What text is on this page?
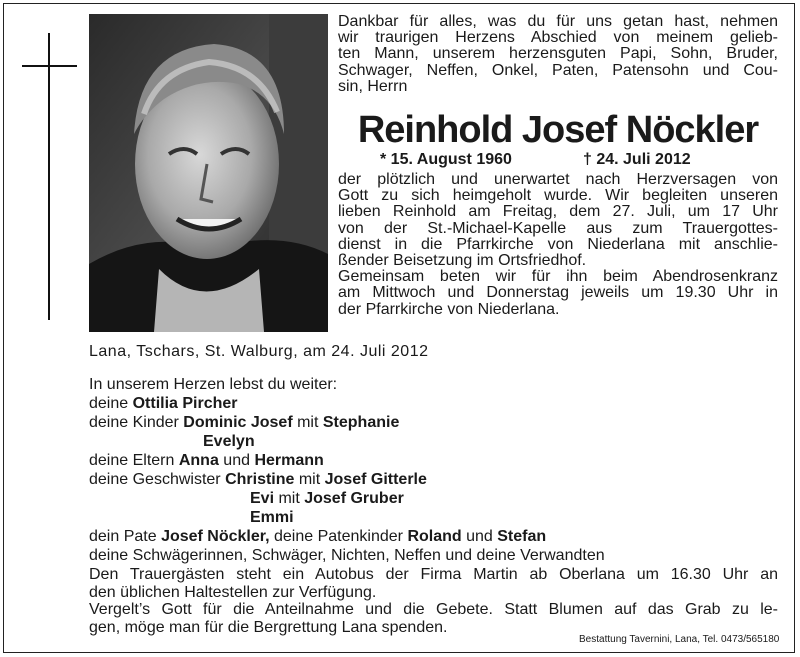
Dankbar für alles, was du für uns getan hast, nehmen
wir traurigen Herzens Abschied von meinem gelieb-
ten Mann, unserem herzensguten Papi, Sohn, Bruder,
Schwager, Neffen, Onkel, Paten, Patensohn und Cou-
sin, Herrn
Reinhold Josef Nöckler
* 15. August 1960	† 24. Juli 2012
der plötzlich und unerwartet nach Herzversagen von
Gott zu sich heimgeholt wurde. Wir begleiten unseren
lieben Reinhold am Freitag, dem 27. Juli, um 17 Uhr
von der St.-Michael-Kapelle aus zum Trauergottes-
dienst in die Pfarrkirche von Niederlana mit anschlie-
ßender Beisetzung im Ortsfriedhof.
Gemeinsam beten wir für ihn beim Abendrosenkranz
am Mittwoch und Donnerstag jeweils um 19.30 Uhr in
der Pfarrkirche von Niederlana.
Lana, Tschars, St. Walburg, am 24. Juli 2012
In unserem Herzen lebst du weiter:
deine Ottilia Pircher
deine Kinder Dominic Josef mit Stephanie
Evelyn
deine Eltern Anna und Hermann
deine Geschwister Christine mit Josef Gitterle
Evi mit Josef Gruber
Emmi
dein Pate Josef Nöckler, deine Patenkinder Roland und Stefan
deine Schwägerinnen, Schwäger, Nichten, Neffen und deine Verwandten
Den Trauergästen steht ein Autobus der Firma Martin ab Oberlana um 16.30 Uhr an
den üblichen Haltestellen zur Verfügung.
Vergelt’s Gott für die Anteilnahme und die Gebete. Statt Blumen auf das Grab zu le-
gen, möge man für die Bergrettung Lana spenden.
Bestattung Tavernini, Lana, Tel. 0473/565180
